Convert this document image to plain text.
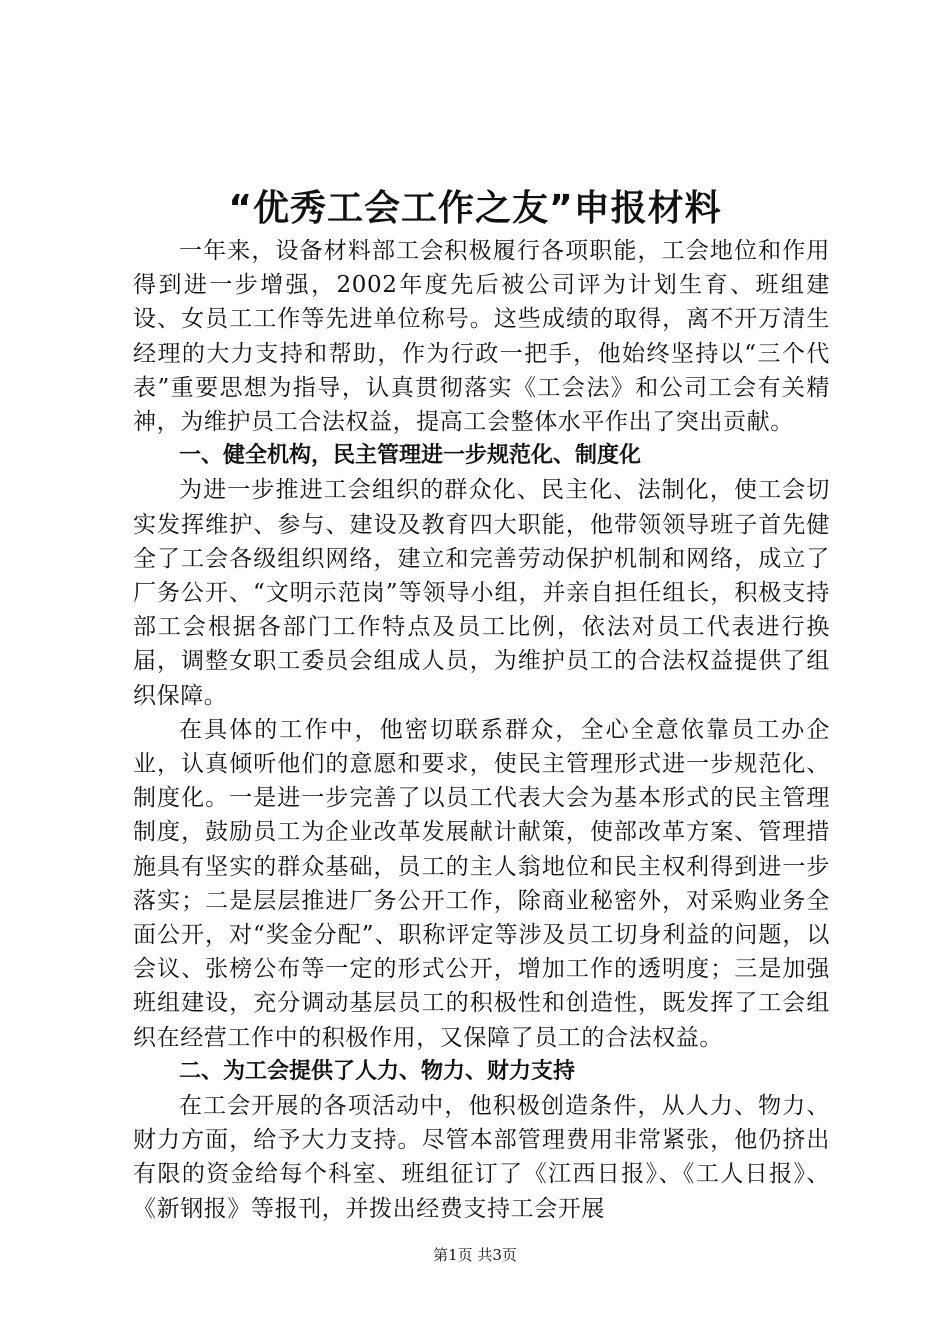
“优秀工会工作之友”申报材料

一年来，设备材料部工会积极履行各项职能，工会地位和作用得到进一步增强，2002年度先后被公司评为计划生育、班组建设、女员工工作等先进单位称号。这些成绩的取得，离不开万清生经理的大力支持和帮助，作为行政一把手，他始终坚持以“三个代表”重要思想为指导，认真贯彻落实《工会法》和公司工会有关精神，为维护员工合法权益，提高工会整体水平作出了突出贡献。

一、健全机构，民主管理进一步规范化、制度化

为进一步推进工会组织的群众化、民主化、法制化，使工会切实发挥维护、参与、建设及教育四大职能，他带领领导班子首先健全了工会各级组织网络，建立和完善劳动保护机制和网络，成立了厂务公开、“文明示范岗”等领导小组，并亲自担任组长，积极支持部工会根据各部门工作特点及员工比例，依法对员工代表进行换届，调整女职工委员会组成人员，为维护员工的合法权益提供了组织保障。

在具体的工作中，他密切联系群众，全心全意依靠员工办企业，认真倾听他们的意愿和要求，使民主管理形式进一步规范化、制度化。一是进一步完善了以员工代表大会为基本形式的民主管理制度，鼓励员工为企业改革发展献计献策，使部改革方案、管理措施具有坚实的群众基础，员工的主人翁地位和民主权利得到进一步落实；二是层层推进厂务公开工作，除商业秘密外，对采购业务全面公开，对“奖金分配”、职称评定等涉及员工切身利益的问题，以会议、张榜公布等一定的形式公开，增加工作的透明度；三是加强班组建设，充分调动基层员工的积极性和创造性，既发挥了工会组织在经营工作中的积极作用，又保障了员工的合法权益。

二、为工会提供了人力、物力、财力支持

在工会开展的各项活动中，他积极创造条件，从人力、物力、财力方面，给予大力支持。尽管本部管理费用非常紧张，他仍挤出有限的资金给每个科室、班组征订了《江西日报》、《工人日报》、《新钢报》等报刊，并拨出经费支持工会开展

第1页 共3页
